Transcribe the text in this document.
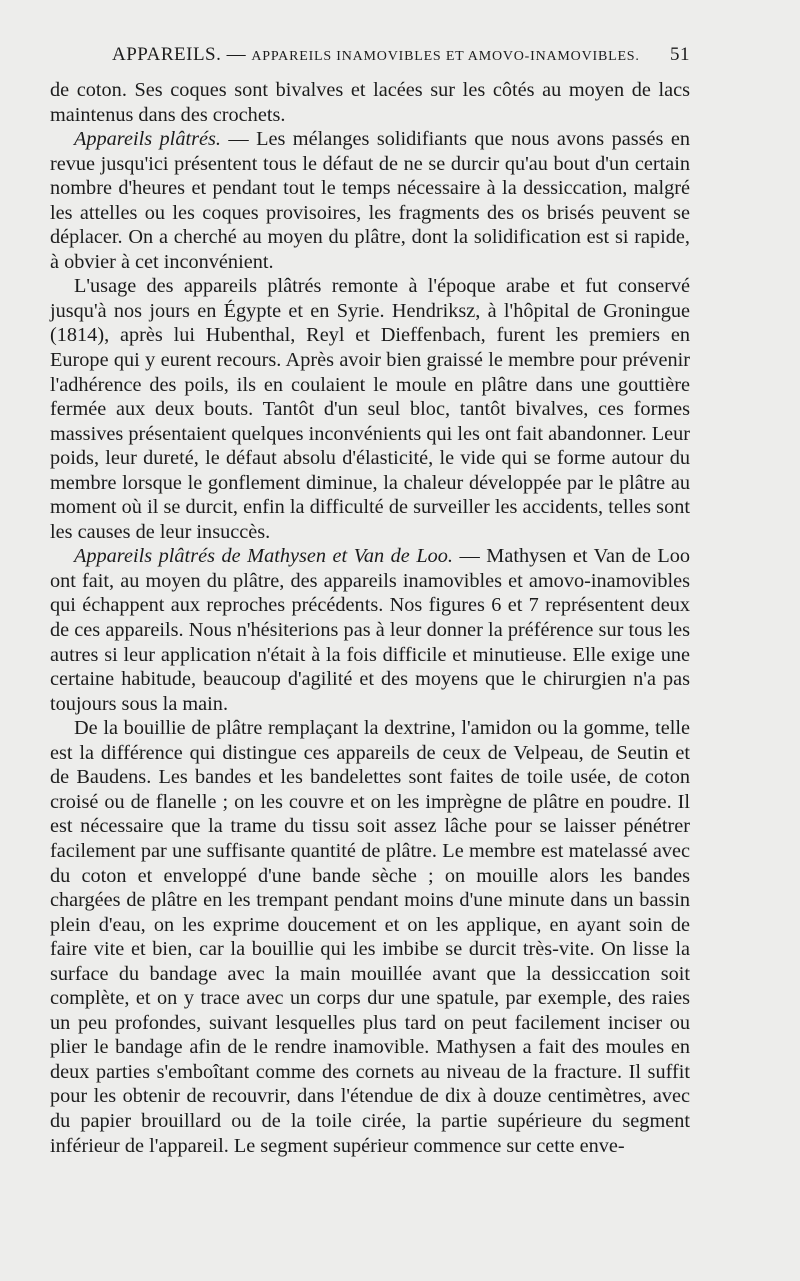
APPAREILS. — APPAREILS INAMOVIBLES ET AMOVO-INAMOVIBLES. 51

de coton. Ses coques sont bivalves et lacées sur les côtés au moyen de lacs maintenus dans des crochets.

Appareils plâtrés. — Les mélanges solidifiants que nous avons passés en revue jusqu'ici présentent tous le défaut de ne se durcir qu'au bout d'un certain nombre d'heures et pendant tout le temps nécessaire à la dessiccation, malgré les attelles ou les coques provisoires, les fragments des os brisés peuvent se déplacer. On a cherché au moyen du plâtre, dont la solidification est si rapide, à obvier à cet inconvénient.

L'usage des appareils plâtrés remonte à l'époque arabe et fut conservé jusqu'à nos jours en Égypte et en Syrie. Hendriksz, à l'hôpital de Groningue (1814), après lui Hubenthal, Reyl et Dieffenbach, furent les premiers en Europe qui y eurent recours. Après avoir bien graissé le membre pour prévenir l'adhérence des poils, ils en coulaient le moule en plâtre dans une gouttière fermée aux deux bouts. Tantôt d'un seul bloc, tantôt bivalves, ces formes massives présentaient quelques inconvénients qui les ont fait abandonner. Leur poids, leur dureté, le défaut absolu d'élasticité, le vide qui se forme autour du membre lorsque le gonflement diminue, la chaleur développée par le plâtre au moment où il se durcit, enfin la difficulté de surveiller les accidents, telles sont les causes de leur insuccès.

Appareils plâtrés de Mathysen et Van de Loo. — Mathysen et Van de Loo ont fait, au moyen du plâtre, des appareils inamovibles et amovo-inamovibles qui échappent aux reproches précédents. Nos figures 6 et 7 représentent deux de ces appareils. Nous n'hésiterions pas à leur donner la préférence sur tous les autres si leur application n'était à la fois difficile et minutieuse. Elle exige une certaine habitude, beaucoup d'agilité et des moyens que le chirurgien n'a pas toujours sous la main.

De la bouillie de plâtre remplaçant la dextrine, l'amidon ou la gomme, telle est la différence qui distingue ces appareils de ceux de Velpeau, de Seutin et de Baudens. Les bandes et les bandelettes sont faites de toile usée, de coton croisé ou de flanelle ; on les couvre et on les imprègne de plâtre en poudre. Il est nécessaire que la trame du tissu soit assez lâche pour se laisser pénétrer facilement par une suffisante quantité de plâtre. Le membre est matelassé avec du coton et enveloppé d'une bande sèche ; on mouille alors les bandes chargées de plâtre en les trempant pendant moins d'une minute dans un bassin plein d'eau, on les exprime doucement et on les applique, en ayant soin de faire vite et bien, car la bouillie qui les imbibe se durcit très-vite. On lisse la surface du bandage avec la main mouillée avant que la dessiccation soit complète, et on y trace avec un corps dur une spatule, par exemple, des raies un peu profondes, suivant lesquelles plus tard on peut facilement inciser ou plier le bandage afin de le rendre inamovible. Mathysen a fait des moules en deux parties s'emboîtant comme des cornets au niveau de la fracture. Il suffit pour les obtenir de recouvrir, dans l'étendue de dix à douze centimètres, avec du papier brouillard ou de la toile cirée, la partie supérieure du segment inférieur de l'appareil. Le segment supérieur commence sur cette enve-
